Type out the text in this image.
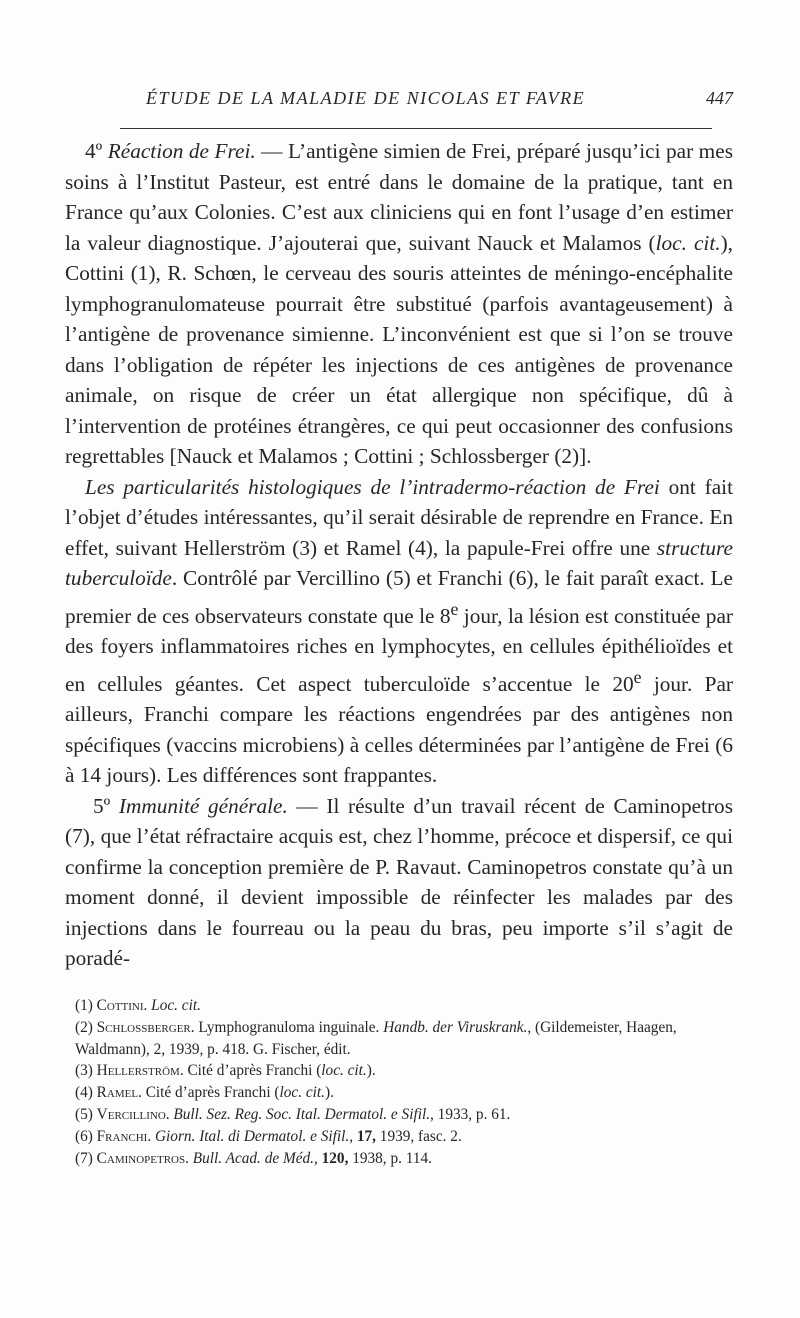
ÉTUDE DE LA MALADIE DE NICOLAS ET FAVRE	447

4º Réaction de Frei. — L’antigène simien de Frei, préparé jusqu’ici par mes soins à l’Institut Pasteur, est entré dans le domaine de la pratique, tant en France qu’aux Colonies. C’est aux cliniciens qui en font l’usage d’en estimer la valeur diagnostique. J’ajouterai que, suivant Nauck et Malamos (loc. cit.), Cottini (1), R. Schœn, le cerveau des souris atteintes de méningo-encéphalite lymphogranulomateuse pourrait être substitué (parfois avantageusement) à l’antigène de provenance simienne. L’inconvénient est que si l’on se trouve dans l’obligation de répéter les injections de ces antigènes de provenance animale, on risque de créer un état allergique non spécifique, dû à l’intervention de protéines étrangères, ce qui peut occasionner des confusions regrettables [Nauck et Malamos ; Cottini ; Schlossberger (2)].

Les particularités histologiques de l’intradermo-réaction de Frei ont fait l’objet d’études intéressantes, qu’il serait désirable de reprendre en France. En effet, suivant Hellerström (3) et Ramel (4), la papule-Frei offre une structure tuberculoïde. Contrôlé par Vercillino (5) et Franchi (6), le fait paraît exact. Le premier de ces observateurs constate que le 8e jour, la lésion est constituée par des foyers inflammatoires riches en lymphocytes, en cellules épithélioïdes et en cellules géantes. Cet aspect tuberculoïde s’accentue le 20e jour. Par ailleurs, Franchi compare les réactions engendrées par des antigènes non spécifiques (vaccins microbiens) à celles déterminées par l’antigène de Frei (6 à 14 jours). Les différences sont frappantes.

5º Immunité générale. — Il résulte d’un travail récent de Caminopetros (7), que l’état réfractaire acquis est, chez l’homme, précoce et dispersif, ce qui confirme la conception première de P. Ravaut. Caminopetros constate qu’à un moment donné, il devient impossible de réinfecter les malades par des injections dans le fourreau ou la peau du bras, peu importe s’il s’agit de poradé-

(1) Cottini. Loc. cit.

(2) Schlossberger. Lymphogranuloma inguinale. Handb. der Viruskrank., (Gildemeister, Haagen, Waldmann), 2, 1939, p. 418. G. Fischer, édit.

(3) Hellerström. Cité d’après Franchi (loc. cit.).

(4) Ramel. Cité d’après Franchi (loc. cit.).

(5) Vercillino. Bull. Sez. Reg. Soc. Ital. Dermatol. e Sifil., 1933, p. 61.

(6) Franchi. Giorn. Ital. di Dermatol. e Sifil., 17, 1939, fasc. 2.

(7) Caminopetros. Bull. Acad. de Méd., 120, 1938, p. 114.
